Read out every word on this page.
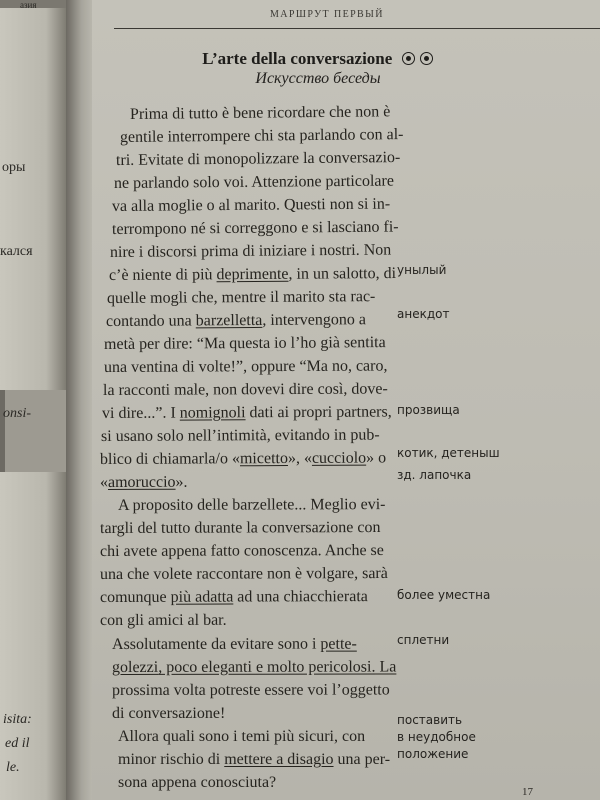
азия
оры
кался
onsi-
isita:
ed il
le.
МАРШРУТ ПЕРВЫЙ
L’arte della conversazione
Искусство беседы
Prima di tutto è bene ricordare che non è
gentile interrompere chi sta parlando con al-
tri. Evitate di monopolizzare la conversazio-
ne parlando solo voi. Attenzione particolare
va alla moglie o al marito. Questi non si in-
terrompono né si correggono e si lasciano fi-
nire i discorsi prima di iniziare i nostri. Non
c’è niente di più deprimente, in un salotto, di
quelle mogli che, mentre il marito sta rac-
contando una barzelletta, intervengono a
metà per dire: “Ma questa io l’ho già sentita
una ventina di volte!”, oppure “Ma no, caro,
la racconti male, non dovevi dire così, dove-
vi dire...”. I nomignoli dati ai propri partners,
si usano solo nell’intimità, evitando in pub-
blico di chiamarla/o «micetto», «cucciolo» o
«amoruccio».
A proposito delle barzellete... Meglio evi-
targli del tutto durante la conversazione con
chi avete appena fatto conoscenza. Anche se
una che volete raccontare non è volgare, sarà
comunque più adatta ad una chiacchierata
con gli amici al bar.
Assolutamente da evitare sono i pette-
golezzi, poco eleganti e molto pericolosi. La
prossima volta potreste essere voi l’oggetto
di conversazione!
Allora quali sono i temi più sicuri, con
minor rischio di mettere a disagio una per-
sona appena conosciuta?
унылый
анекдот
прозвища
котик, детеныш
зд. лапочка
более уместна
сплетни
поставить
в неудобное
положение
17
